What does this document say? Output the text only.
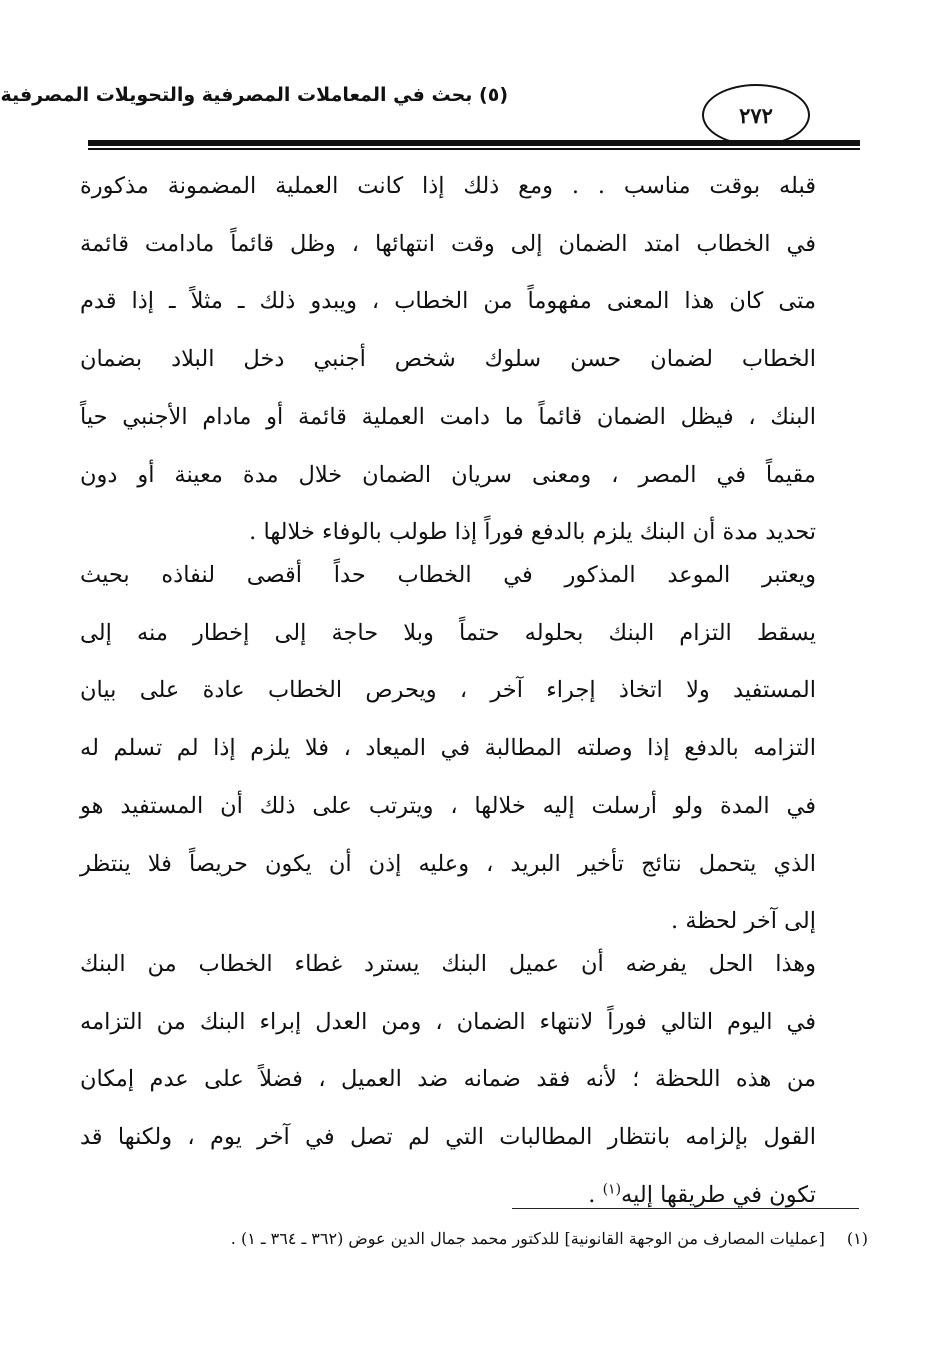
(٥) بحث في المعاملات المصرفية والتحويلات المصرفية
٢٧٢

قبله بوقت مناسب . . ومع ذلك إذا كانت العملية المضمونة مذكورة
في الخطاب امتد الضمان إلى وقت انتهائها ، وظل قائماً مادامت قائمة
متى كان هذا المعنى مفهوماً من الخطاب ، ويبدو ذلك ـ مثلاً ـ إذا قدم
الخطاب لضمان حسن سلوك شخص أجنبي دخل البلاد بضمان
البنك ، فيظل الضمان قائماً ما دامت العملية قائمة أو مادام الأجنبي حياً
مقيماً في المصر ، ومعنى سريان الضمان خلال مدة معينة أو دون
تحديد مدة أن البنك يلزم بالدفع فوراً إذا طولب بالوفاء خلالها .

ويعتبر الموعد المذكور في الخطاب حداً أقصى لنفاذه بحيث
يسقط التزام البنك بحلوله حتماً وبلا حاجة إلى إخطار منه إلى
المستفيد ولا اتخاذ إجراء آخر ، ويحرص الخطاب عادة على بيان
التزامه بالدفع إذا وصلته المطالبة في الميعاد ، فلا يلزم إذا لم تسلم له
في المدة ولو أرسلت إليه خلالها ، ويترتب على ذلك أن المستفيد هو
الذي يتحمل نتائج تأخير البريد ، وعليه إذن أن يكون حريصاً فلا ينتظر
إلى آخر لحظة .

وهذا الحل يفرضه أن عميل البنك يسترد غطاء الخطاب من البنك
في اليوم التالي فوراً لانتهاء الضمان ، ومن العدل إبراء البنك من التزامه
من هذه اللحظة ؛ لأنه فقد ضمانه ضد العميل ، فضلاً على عدم إمكان
القول بإلزامه بانتظار المطالبات التي لم تصل في آخر يوم ، ولكنها قد
تكون في طريقها إليه$^{(١)}$ .

(١)[عمليات المصارف من الوجهة القانونية] للدكتور محمد جمال الدين عوض (٣٦٢ ـ ٣٦٤ ـ ١) .
